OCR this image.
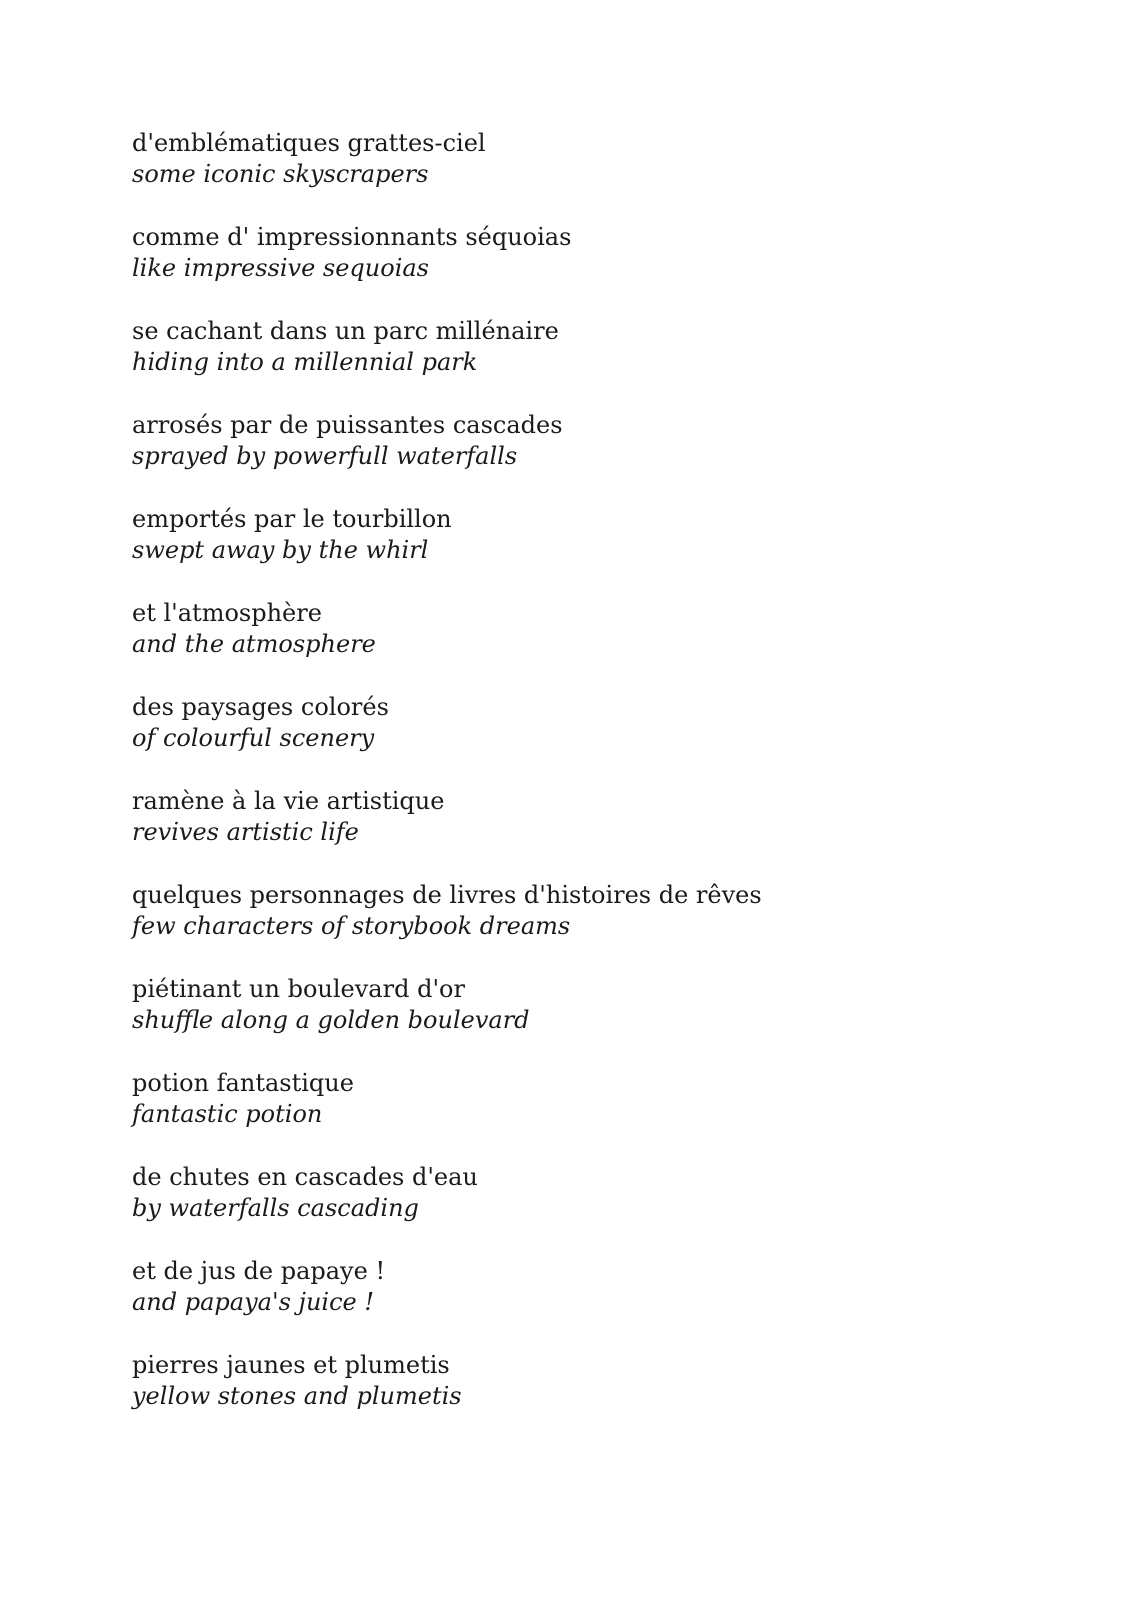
d'emblématiques grattes-ciel
some iconic skyscrapers
comme d' impressionnants séquoias
like impressive sequoias
se cachant dans un parc millénaire
hiding into a millennial park
arrosés par de puissantes cascades
sprayed by powerfull waterfalls
emportés par le tourbillon
swept away by the whirl
et l'atmosphère
and the atmosphere
des paysages colorés
of colourful scenery
ramène à la vie artistique
revives artistic life
quelques personnages de livres d'histoires de rêves
few characters of storybook dreams
piétinant un boulevard d'or
shuffle along a golden boulevard
potion fantastique
fantastic potion
de chutes en cascades d'eau
by waterfalls cascading
et de jus de papaye !
and papaya's juice !
pierres jaunes et plumetis
yellow stones and plumetis
